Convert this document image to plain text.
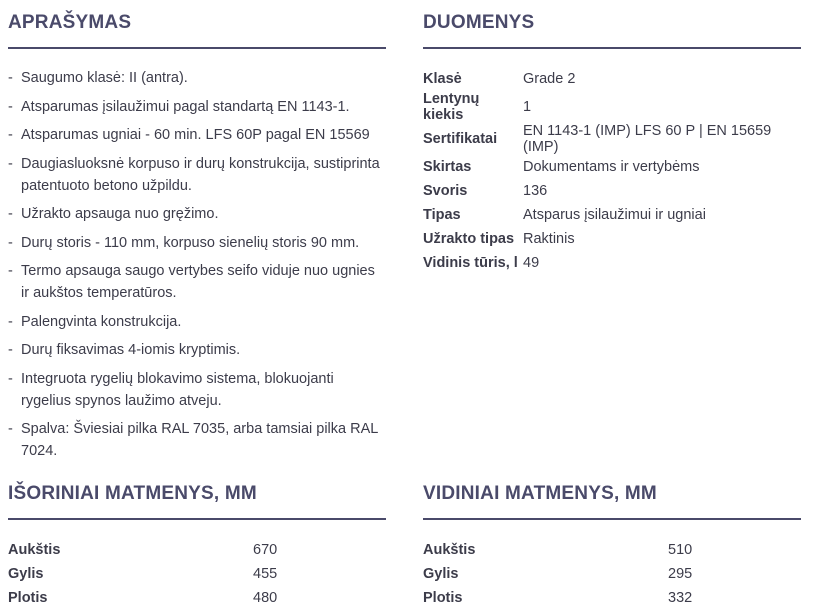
APRAŠYMAS
- Saugumo klasė: II (antra).
- Atsparumas įsilaužimui pagal standartą EN 1143-1.
- Atsparumas ugniai - 60 min. LFS 60P pagal EN 15569
- Daugiasluoksnė korpuso ir durų konstrukcija, sustiprinta patentuoto betono užpildu.
- Užrakto apsauga nuo gręžimo.
- Durų storis - 110 mm, korpuso sienelių storis 90 mm.
- Termo apsauga saugo vertybes seifo viduje nuo ugnies ir aukštos temperatūros.
- Palengvinta konstrukcija.
- Durų fiksavimas 4-iomis kryptimis.
- Integruota rygelių blokavimo sistema, blokuojanti rygelius spynos laužimo atveju.
- Spalva: Šviesiai pilka RAL 7035, arba tamsiai pilka RAL 7024.
DUOMENYS
Klasė	Grade 2
Lentynų kiekis	1
Sertifikatai	EN 1143-1 (IMP) LFS 60 P | EN 15659 (IMP)
Skirtas	Dokumentams ir vertybėms
Svoris	136
Tipas	Atsparus įsilaužimui ir ugniai
Užrakto tipas	Raktinis
Vidinis tūris, l	49
IŠORINIAI MATMENYS, MM
Aukštis	670
Gylis	455
Plotis	480
VIDINIAI MATMENYS, MM
Aukštis	510
Gylis	295
Plotis	332
